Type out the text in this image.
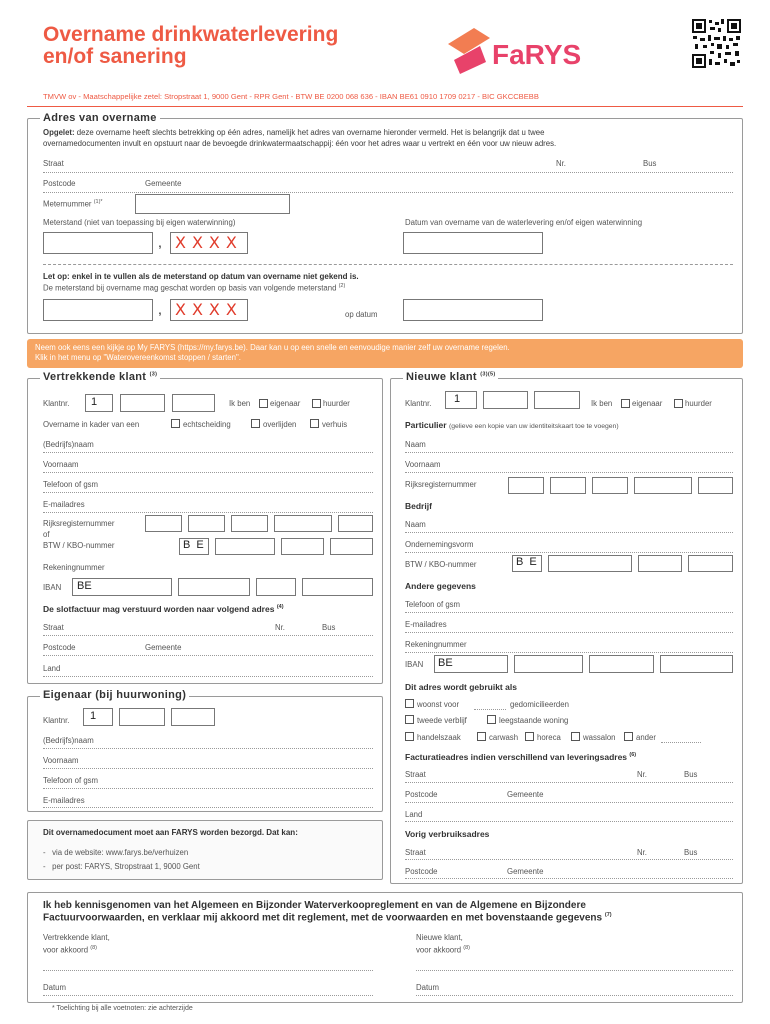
Overname drinkwaterlevering
en/of sanering	FaRYS
TMVW ov - Maatschappelijke zetel: Stropstraat 1, 9000 Gent - RPR Gent - BTW BE 0200 068 636 - IBAN BE61 0910 1709 0217 - BIC GKCCBEBB
Adres van overname
Opgelet: deze overname heeft slechts betrekking op één adres, namelijk het adres van overname hieronder vermeld. Het is belangrijk dat u twee
overnamedocumenten invult en opstuurt naar de bevoegde drinkwatermaatschappij: één voor het adres waar u vertrekt en één voor uw nieuw adres.
Straat	Nr.	Bus
Postcode	Gemeente
Meternummer $^{(1)*}$
Meterstand (niet van toepassing bij eigen waterwinning)	Datum van overname van de waterlevering en/of eigen waterwinning
, XXXX
Let op: enkel in te vullen als de meterstand op datum van overname niet gekend is.
De meterstand bij overname mag geschat worden op basis van volgende meterstand $^{(2)}$
, XXXX	op datum
Neem ook eens een kijkje op My FARYS (https://my.farys.be). Daar kan u op een snelle en eenvoudige manier zelf uw overname regelen.
Klik in het menu op "Waterovereenkomst stoppen / starten".
Vertrekkende klant $^{(3)}$
Klantnr. 1	Ik ben	eigenaar	huurder
Overname in kader van een	echtscheiding	overlijden	verhuis
(Bedrijfs)naam
Voornaam
Telefoon of gsm
E-mailadres
Rijksregisternummer
of
BTW / KBO-nummer	BE
Rekeningnummer
IBAN BE
De slotfactuur mag verstuurd worden naar volgend adres $^{(4)}$
Straat	Nr.	Bus
Postcode	Gemeente
Land
Eigenaar (bij huurwoning)
Klantnr. 1
(Bedrijfs)naam
Voornaam
Telefoon of gsm
E-mailadres
Dit overnamedocument moet aan FARYS worden bezorgd. Dat kan:
-   via de website: www.farys.be/verhuizen
-   per post: FARYS, Stropstraat 1, 9000 Gent
Nieuwe klant $^{(3)(5)}$
Klantnr. 1	Ik ben	eigenaar	huurder
Particulier (gelieve een kopie van uw identiteitskaart toe te voegen)
Naam
Voornaam
Rijksregisternummer
Bedrijf
Naam
Ondernemingsvorm
BTW / KBO-nummer	BE
Andere gegevens
Telefoon of gsm
E-mailadres
Rekeningnummer
IBAN BE
Dit adres wordt gebruikt als
woonst voor	gedomicilieerden
tweede verblijf	leegstaande woning
handelszaak	carwash horeca	wassalon	ander
Facturatieadres indien verschillend van leveringsadres $^{(6)}$
Straat	Nr.	Bus
Postcode	Gemeente
Land
Vorig verbruiksadres
Straat	Nr.	Bus
Postcode	Gemeente
Ik heb kennisgenomen van het Algemeen en Bijzonder Waterverkoopreglement en van de Algemene en Bijzondere
Factuurvoorwaarden, en verklaar mij akkoord met dit reglement, met de voorwaarden en met bovenstaande gegevens $^{(7)}$
Vertrekkende klant,
voor akkoord $^{(8)}$
Nieuwe klant,
voor akkoord $^{(8)}$
Datum	Datum
* Toelichting bij alle voetnoten: zie achterzijde
